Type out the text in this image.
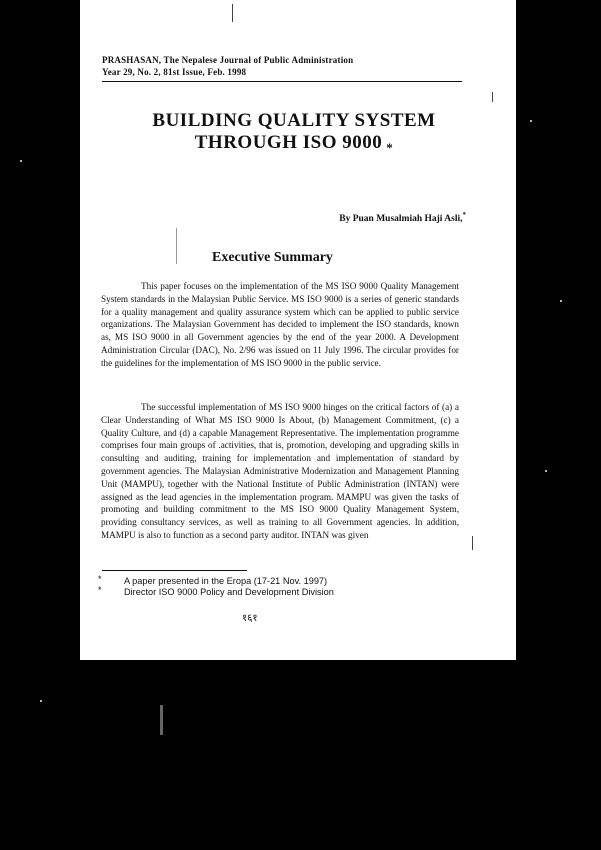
PRASHASAN, The Nepalese Journal of Public Administration
Year 29, No. 2, 81st Issue, Feb. 1998
BUILDING QUALITY SYSTEM
THROUGH ISO 9000 $_*$
By Puan Musalmiah Haji Asli,*
Executive Summary
This paper focuses on the implementation of the MS ISO 9000 Quality Management System standards in the Malaysian Public Service. MS ISO 9000 is a series of generic standards for a quality management and quality assurance system which can be applied to public service organizations. The Malaysian Government has decided to implement the ISO standards, known as, MS ISO 9000 in all Government agencies by the end of the year 2000. A Development Administration Circular (DAC), No. 2/96 was issued on 11 July 1996. The circular provides for the guidelines for the implementation of MS ISO 9000 in the public service.
The successful implementation of MS ISO 9000 hinges on the critical factors of (a) a Clear Understanding of What MS ISO 9000 Is About, (b) Management Commitment, (c) a Quality Culture, and (d) a capable Management Representative. The implementation programme comprises four main groups of .activities, that is, promotion, developing and upgrading skills in consulting and auditing, training for implementation and implementation of standard by government agencies. The Malaysian Administrative Modernization and Management Planning Unit (MAMPU), together with the National Institute of Public Administration (INTAN) were assigned as the lead agencies in the implementation program. MAMPU was given the tasks of promoting and building commitment to the MS ISO 9000 Quality Management System, providing consultancy services, as well as training to all Government agencies. In addition, MAMPU is also to function as a second party auditor. INTAN was given
* A paper presented in the Eropa (17-21 Nov. 1997)
* Director ISO 9000 Policy and Development Division
१६१
